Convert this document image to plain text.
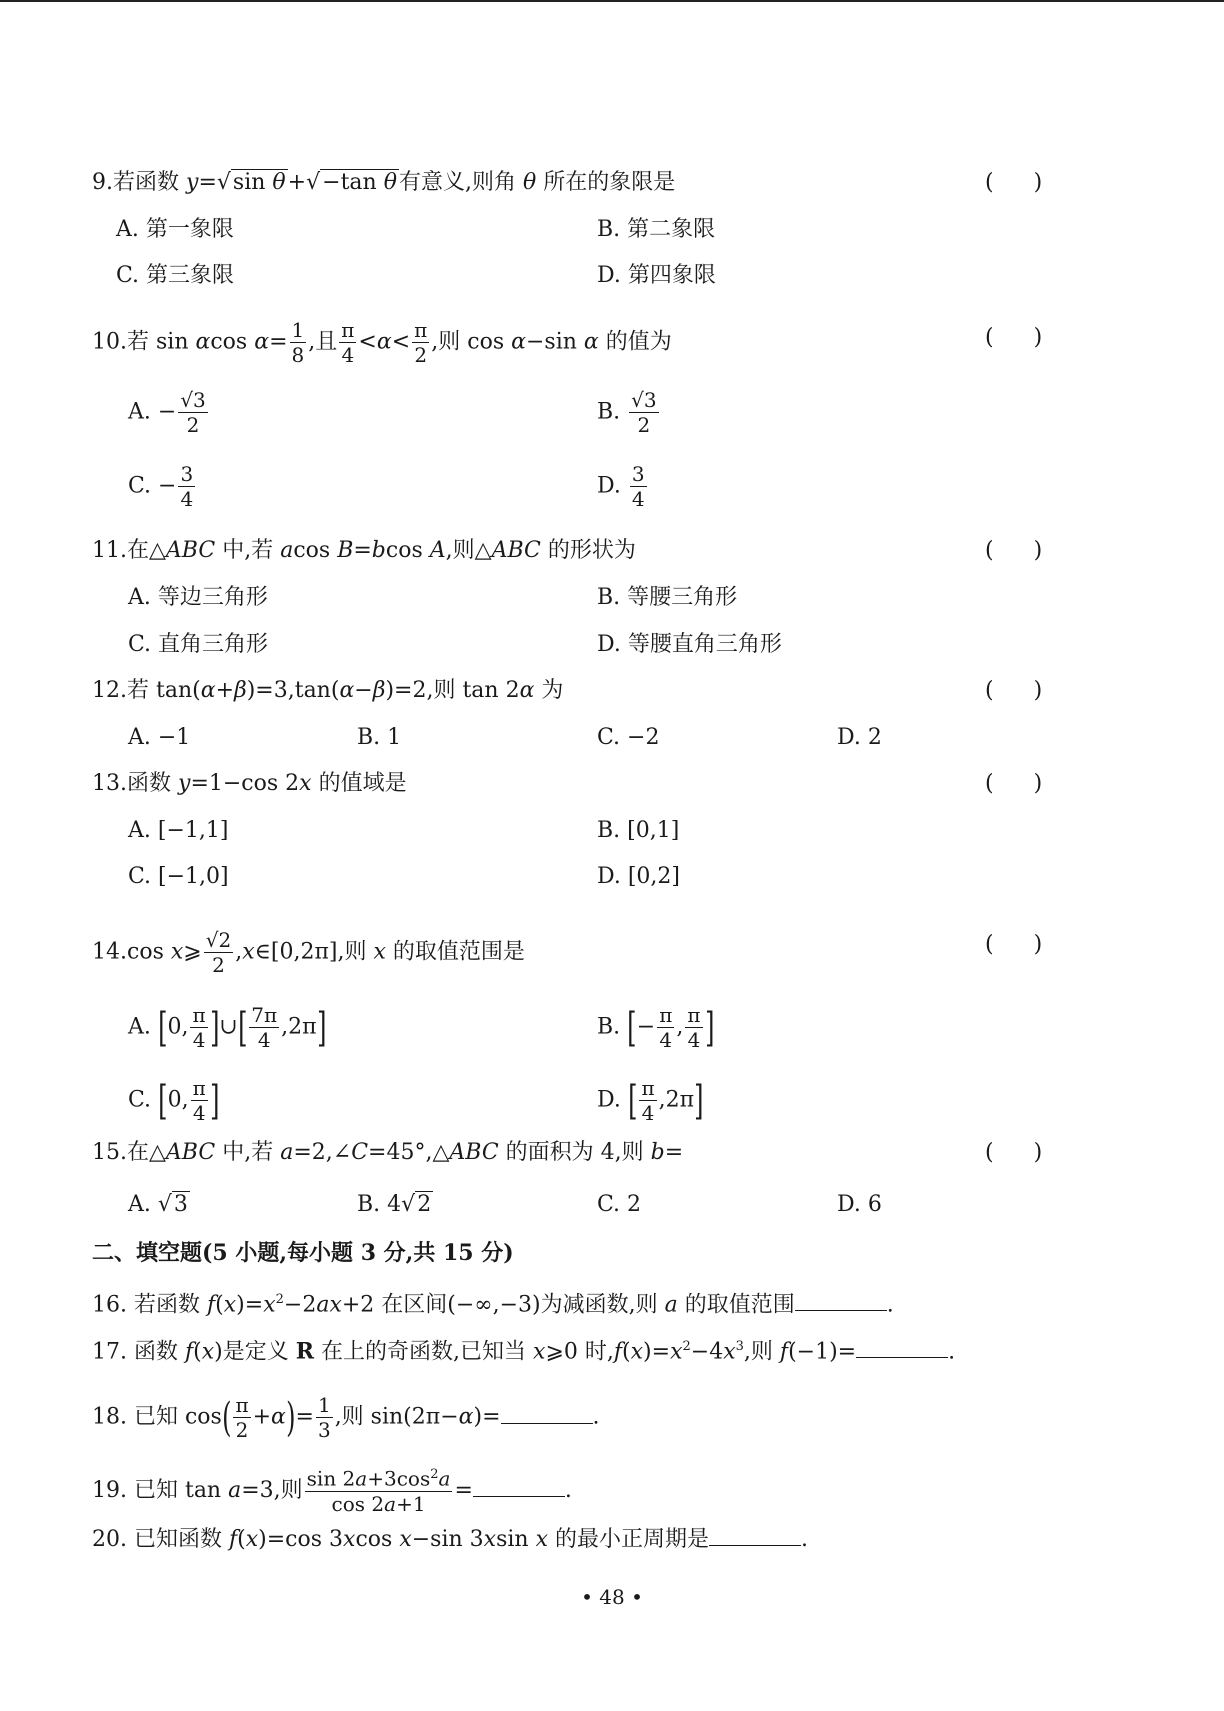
9.若函数 y=√sin θ+√−tan θ有意义,则角 θ 所在的象限是	( )
A. 第一象限	B. 第二象限
C. 第三象限	D. 第四象限
10.若 sin αcos $\alpha= \frac{1}{8}$ ,且 $\frac{\pi}{4} <\alpha< \frac{\pi}{2}$ ,则 cos α−sin α 的值为	( )
A. − $\frac{√3}{2}$	B. $\frac{√3}{2}$
C. − $\frac{3}{4}$	D. $\frac{3}{4}$
11.在△ABC 中,若 acos B=bcos A,则△ABC 的形状为	( )
A. 等边三角形	B. 等腰三角形
C. 直角三角形	D. 等腰直角三角形
12.若 tan(α+β)=3,tan(α−β)=2,则 tan 2α 为	( )
A. −1	B. 1	C. −2	D. 2
13.函数 y=1−cos 2x 的值域是	( )
A. [−1,1]	B. [0,1]
C. [−1,0]	D. [0,2]
14.cos x⩾ $\frac{√2}{2}$ ,x∈[0,2π],则 x 的取值范围是	( )
A. [0, $\frac{\pi}{4}$ ]∪[ $\frac{7\pi}{4} ,2\pi$]	B. [− $\frac{\pi}{4}$ , $\frac{\pi}{4}$ ]
C. [0, $\frac{\pi}{4}$ ]	D. [ $\frac{\pi}{4} ,2\pi$]
15.在△ABC 中,若 a=2,∠C=45°,△ABC 的面积为 4,则 b=	( )
A. √3	B. 4√2	C. 2	D. 6
二、填空题(5 小题,每小题 3 分,共 15 分)
16. 若函数 $f(x)=x^2-2ax+2$ 在区间(−∞,−3)为减函数,则 a 的取值范围	.
17. 函数 f(x)是定义 R 在上的奇函数,已知当 x⩾0 时$,f(x)=x^2-4x^3$,则 f(−1)=	.
18. 已知 $\cos( \frac{\pi}{2} +\alpha)= \frac{1}{3}$ ,则 sin(2π−α)=	.
19. 已知 tan a=3,则 $\frac{\sin 2a+3\cos^2a}{\cos 2a+1}$ =	.
20. 已知函数 f(x)=cos 3xcos x−sin 3xsin x 的最小正周期是	.
• 48 •
